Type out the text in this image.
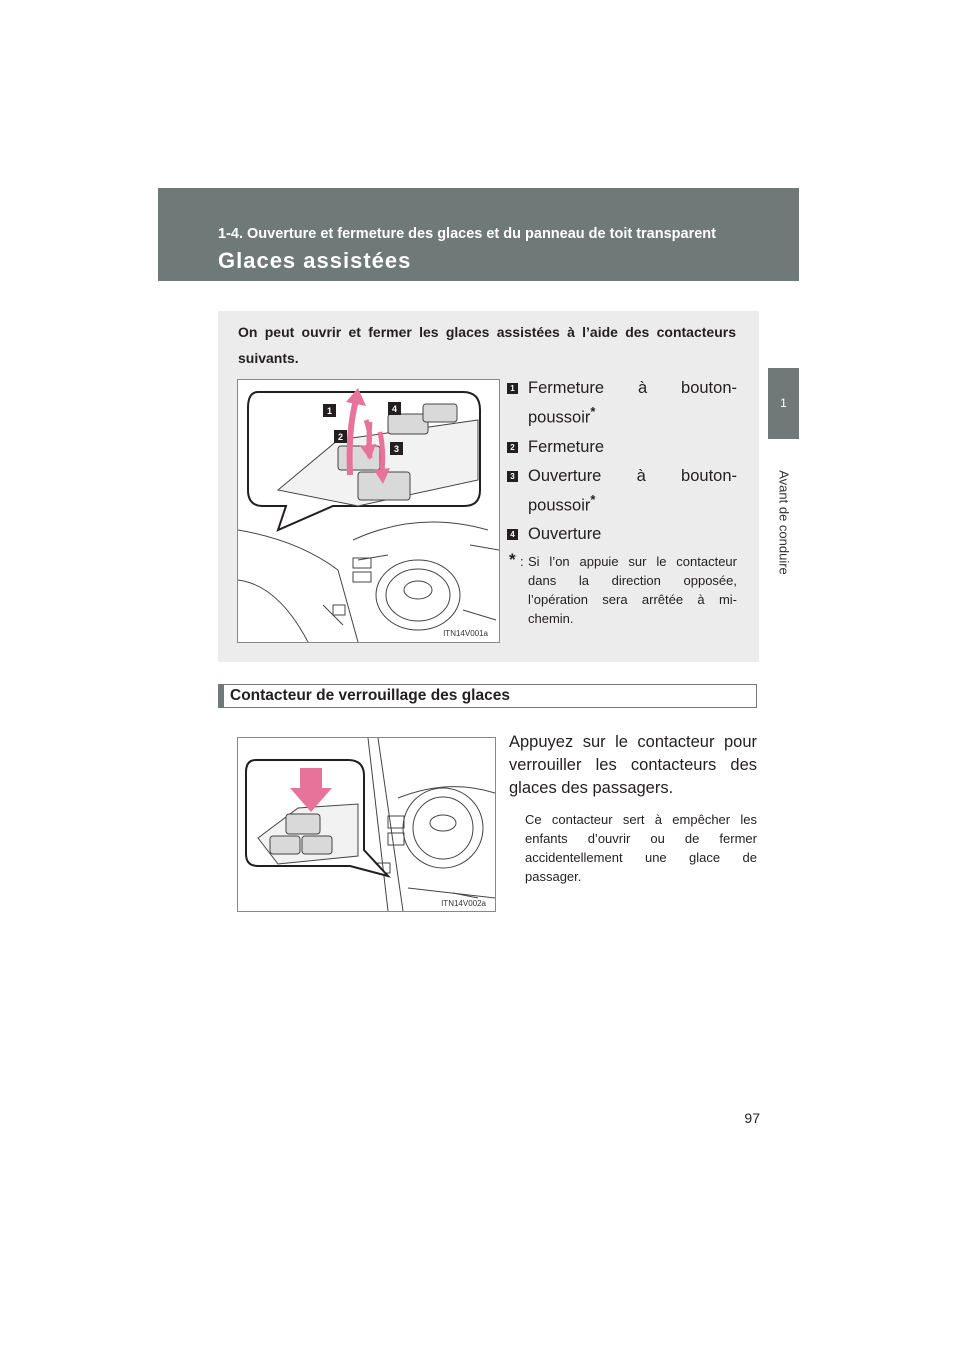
1-4. Ouverture et fermeture des glaces et du panneau de toit transparent
Glaces assistées
1
Avant de conduire
On peut ouvrir et fermer les glaces assistées à l’aide des contacteurs suivants.
1	4
2
3
ITN14V001a
1 Fermeture à bouton-poussoir*
2 Fermeture
3 Ouverture à bouton-poussoir*
4 Ouverture
* : Si l’on appuie sur le contacteur dans la direction opposée, l’opération sera arrêtée à mi-chemin.
Contacteur de verrouillage des glaces
ITN14V002a
Appuyez sur le contacteur pour verrouiller les contacteurs des glaces des passagers.
Ce contacteur sert à empêcher les enfants d’ouvrir ou de fermer accidentellement une glace de passager.
97
